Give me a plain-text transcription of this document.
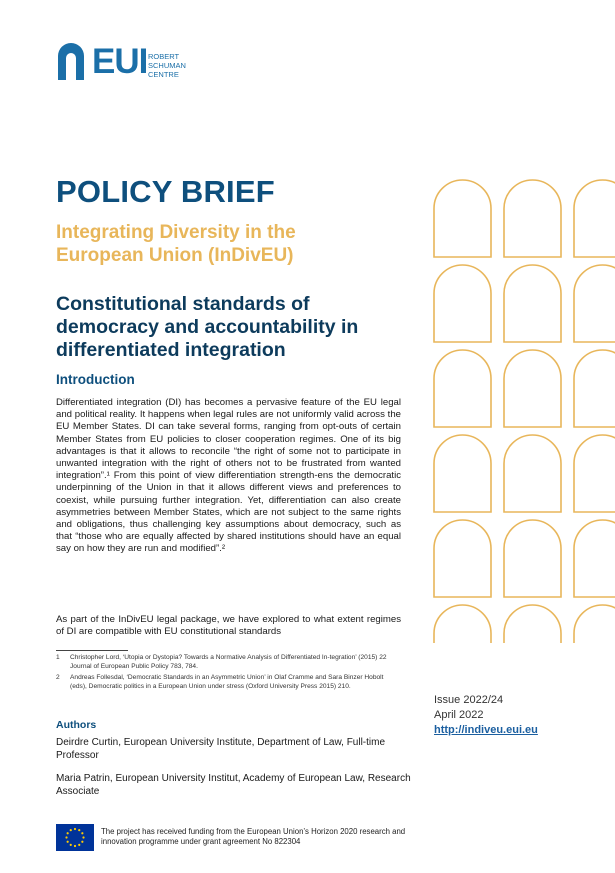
EUI ROBERT
SCHUMAN
CENTRE
POLICY BRIEF
Integrating Diversity in the European Union (InDivEU)
Constitutional standards of democracy and accountability in differentiated integration
Introduction

Differentiated integration (DI) has becomes a pervasive feature of the EU legal and political reality. It happens when legal rules are not uniformly valid across the EU Member States. DI can take several forms, ranging from opt-outs of certain Member States from EU policies to closer cooperation regimes. One of its big advantages is that it allows to reconcile “the right of some not to participate in unwanted integration with the right of others not to be frustrated from wanted integration”.¹ From this point of view differentiation strength-ens the democratic underpinning of the Union in that it allows different views and preferences to coexist, while pursuing further integration. Yet, differentiation can also create asymmetries between Member States, which are not subject to the same rights and obligations, thus challenging key assumptions about democracy, such as that “those who are equally affected by shared institutions should have an equal say on how they are run and modified”.²

As part of the InDivEU legal package, we have explored to what extent regimes of DI are compatible with EU constitutional standards

1	Christopher Lord, ‘Utopia or Dystopia? Towards a Normative Analysis of Differentiated In-tegration’ (2015) 22 Journal of European Public Policy 783, 784.
2	Andreas Follesdal, ‘Democratic Standards in an Asymmetric Union’ in Olaf Cramme and Sara Binzer Hobolt (eds), Democratic politics in a European Union under stress (Oxford University Press 2015) 210.
Authors

Deirdre Curtin, European University Institute, Department of Law, Full-time Professor

Maria Patrin, European University Institut, Academy of European Law, Research Associate

The project has received funding from the European Union’s Horizon 2020 research and innovation programme under grant agreement No 822304

Issue 2022/24
April 2022
http://indiveu.eui.eu
